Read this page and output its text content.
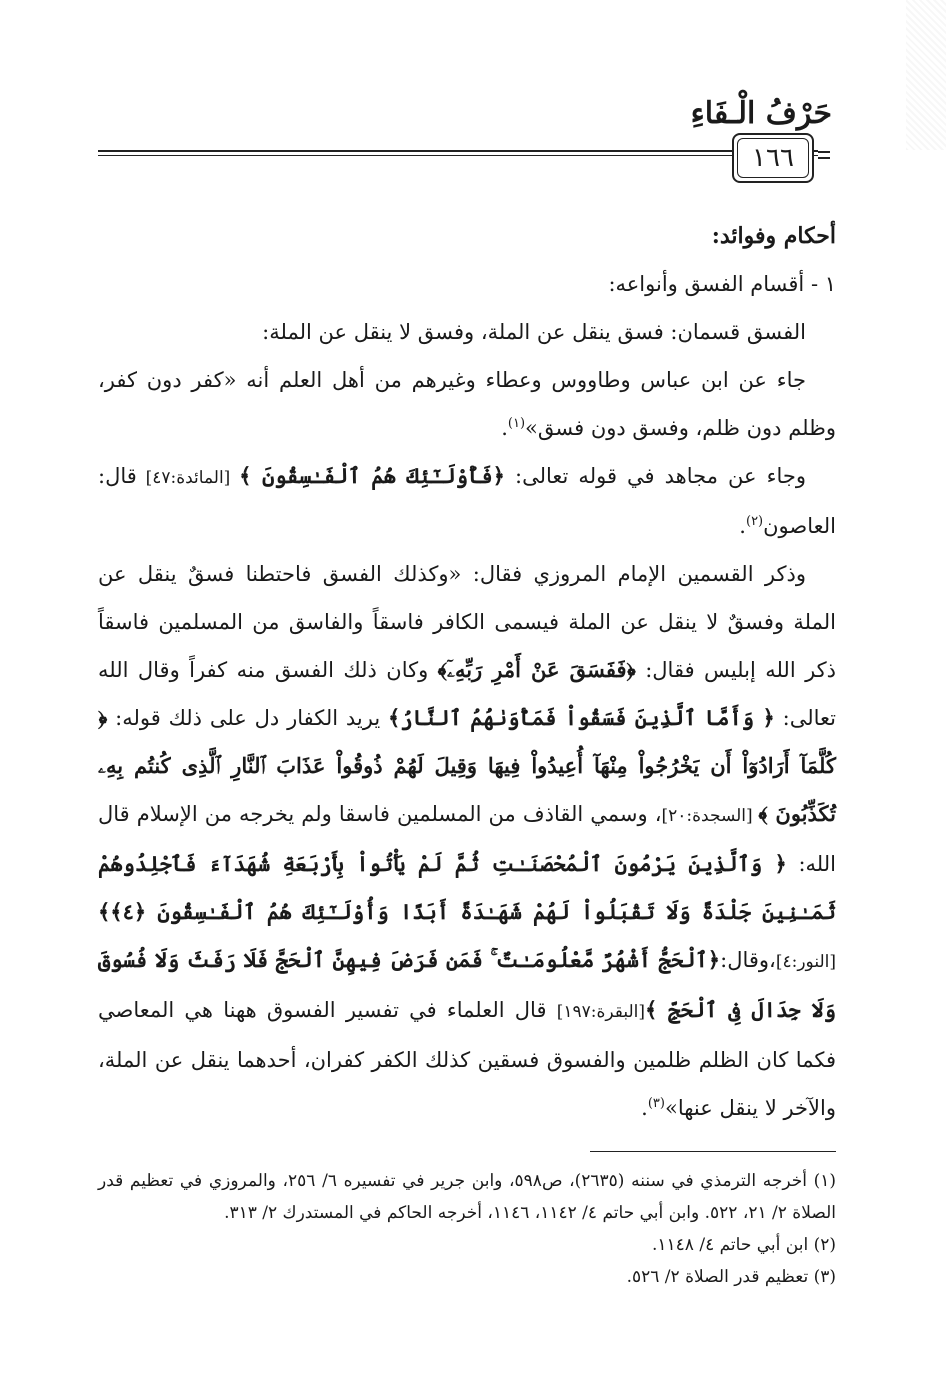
حَرْفُ الْـفَاءِ
١٦٦

أحكام وفوائد:

١ - أقسام الفسق وأنواعه:

الفسق قسمان: فسق ينقل عن الملة، وفسق لا ينقل عن الملة:

جاء عن ابن عباس وطاووس وعطاء وغيرهم من أهل العلم أنه «كفر دون كفر، وظلم دون ظلم، وفسق دون فسق»$^{(١)}$.

وجاء عن مجاهد في قوله تعالى: ﴿فَأُوْلَـٰٓئِكَ هُمُ ٱلْفَـٰسِقُونَ ﴾ [المائدة:٤٧] قال: العاصون$^{(٢)}$.

وذكر القسمين الإمام المروزي فقال: «وكذلك الفسق فاحتطنا فسقٌ ينقل عن الملة وفسقٌ لا ينقل عن الملة فيسمى الكافر فاسقاً والفاسق من المسلمين فاسقاً ذكر الله إبليس فقال: ﴿فَفَسَقَ عَنْ أَمْرِ رَبِّهِۦٓ﴾ وكان ذلك الفسق منه كفراً وقال الله تعالى: ﴿ وَأَمَّا ٱلَّذِينَ فَسَقُواْ فَمَأْوَىٰهُمُ ٱلنَّارُ﴾ يريد الكفار دل على ذلك قوله: ﴿ كُلَّمَآ أَرَادُوٓاْ أَن يَخْرُجُواْ مِنْهَآ أُعِيدُواْ فِيهَا وَقِيلَ لَهُمْ ذُوقُواْ عَذَابَ ٱلنَّارِ ٱلَّذِى كُنتُم بِهِۦ تُكَذِّبُونَ ﴾ [السجدة:٢٠]، وسمي القاذف من المسلمين فاسقا ولم يخرجه من الإسلام قال الله: ﴿ وَٱلَّذِينَ يَرْمُونَ ٱلْمُحْصَنَـٰتِ ثُمَّ لَمْ يَأْتُواْ بِأَرْبَعَةِ شُهَدَآءَ فَٱجْلِدُوهُمْ ثَمَـٰنِينَ جَلْدَةً وَلَا تَقْبَلُواْ لَهُمْ شَهَـٰدَةً أَبَدًا وَأُوْلَـٰٓئِكَ هُمُ ٱلْفَـٰسِقُونَ ﴿٤﴾﴾[النور:٤]،وقال:﴿ٱلْحَجُّ أَشْهُرٌ مَّعْلُومَـٰتٌ ۚ فَمَن فَرَضَ فِيهِنَّ ٱلْحَجَّ فَلَا رَفَثَ وَلَا فُسُوقَ وَلَا جِدَالَ فِى ٱلْحَجِّ ﴾[البقرة:١٩٧] قال العلماء في تفسير الفسوق ههنا هي المعاصي فكما كان الظلم ظلمين والفسوق فسقين كذلك الكفر كفران، أحدهما ينقل عن الملة، والآخر لا ينقل عنها»$^{(٣)}$.

(١) أخرجه الترمذي في سننه (٢٦٣٥)، ص٥٩٨، وابن جرير في تفسيره ٦/ ٢٥٦، والمروزي في تعظيم قدر الصلاة ٢/ ٢١، ٥٢٢. وابن أبي حاتم ٤/ ١١٤٢، ١١٤٦، أخرجه الحاكم في المستدرك ٢/ ٣١٣.

(٢) ابن أبي حاتم ٤/ ١١٤٨.

(٣) تعظيم قدر الصلاة ٢/ ٥٢٦.
